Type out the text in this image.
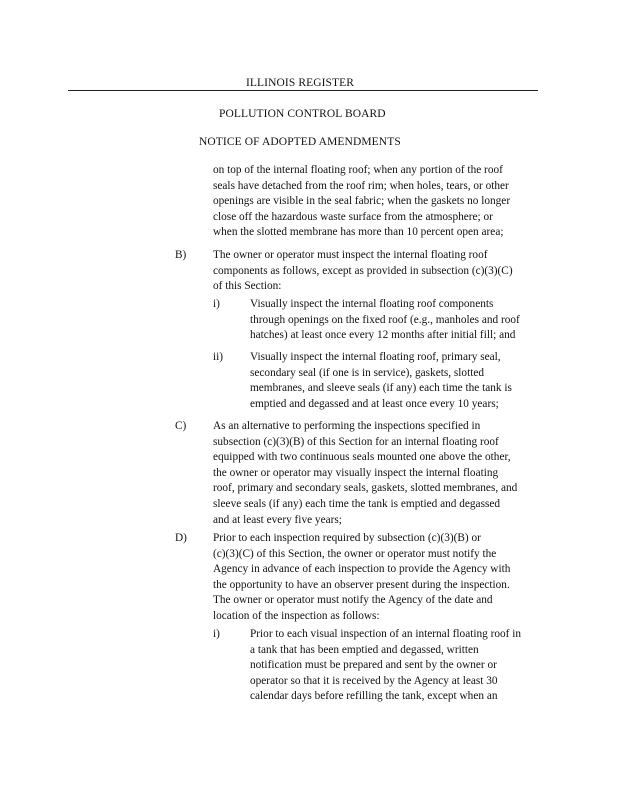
ILLINOIS REGISTER
POLLUTION CONTROL BOARD
NOTICE OF ADOPTED AMENDMENTS
on top of the internal floating roof; when any portion of the roof
seals have detached from the roof rim; when holes, tears, or other
openings are visible in the seal fabric; when the gaskets no longer
close off the hazardous waste surface from the atmosphere; or
when the slotted membrane has more than 10 percent open area;
B) The owner or operator must inspect the internal floating roof
components as follows, except as provided in subsection (c)(3)(C)
of this Section:
i)	Visually inspect the internal floating roof components
through openings on the fixed roof (e.g., manholes and roof
hatches) at least once every 12 months after initial fill; and
ii) Visually inspect the internal floating roof, primary seal,
secondary seal (if one is in service), gaskets, slotted
membranes, and sleeve seals (if any) each time the tank is
emptied and degassed and at least once every 10 years;
C) As an alternative to performing the inspections specified in
subsection (c)(3)(B) of this Section for an internal floating roof
equipped with two continuous seals mounted one above the other,
the owner or operator may visually inspect the internal floating
roof, primary and secondary seals, gaskets, slotted membranes, and
sleeve seals (if any) each time the tank is emptied and degassed
and at least every five years;
D) Prior to each inspection required by subsection (c)(3)(B) or
(c)(3)(C) of this Section, the owner or operator must notify the
Agency in advance of each inspection to provide the Agency with
the opportunity to have an observer present during the inspection.
The owner or operator must notify the Agency of the date and
location of the inspection as follows:
i)	Prior to each visual inspection of an internal floating roof in
a tank that has been emptied and degassed, written
notification must be prepared and sent by the owner or
operator so that it is received by the Agency at least 30
calendar days before refilling the tank, except when an
